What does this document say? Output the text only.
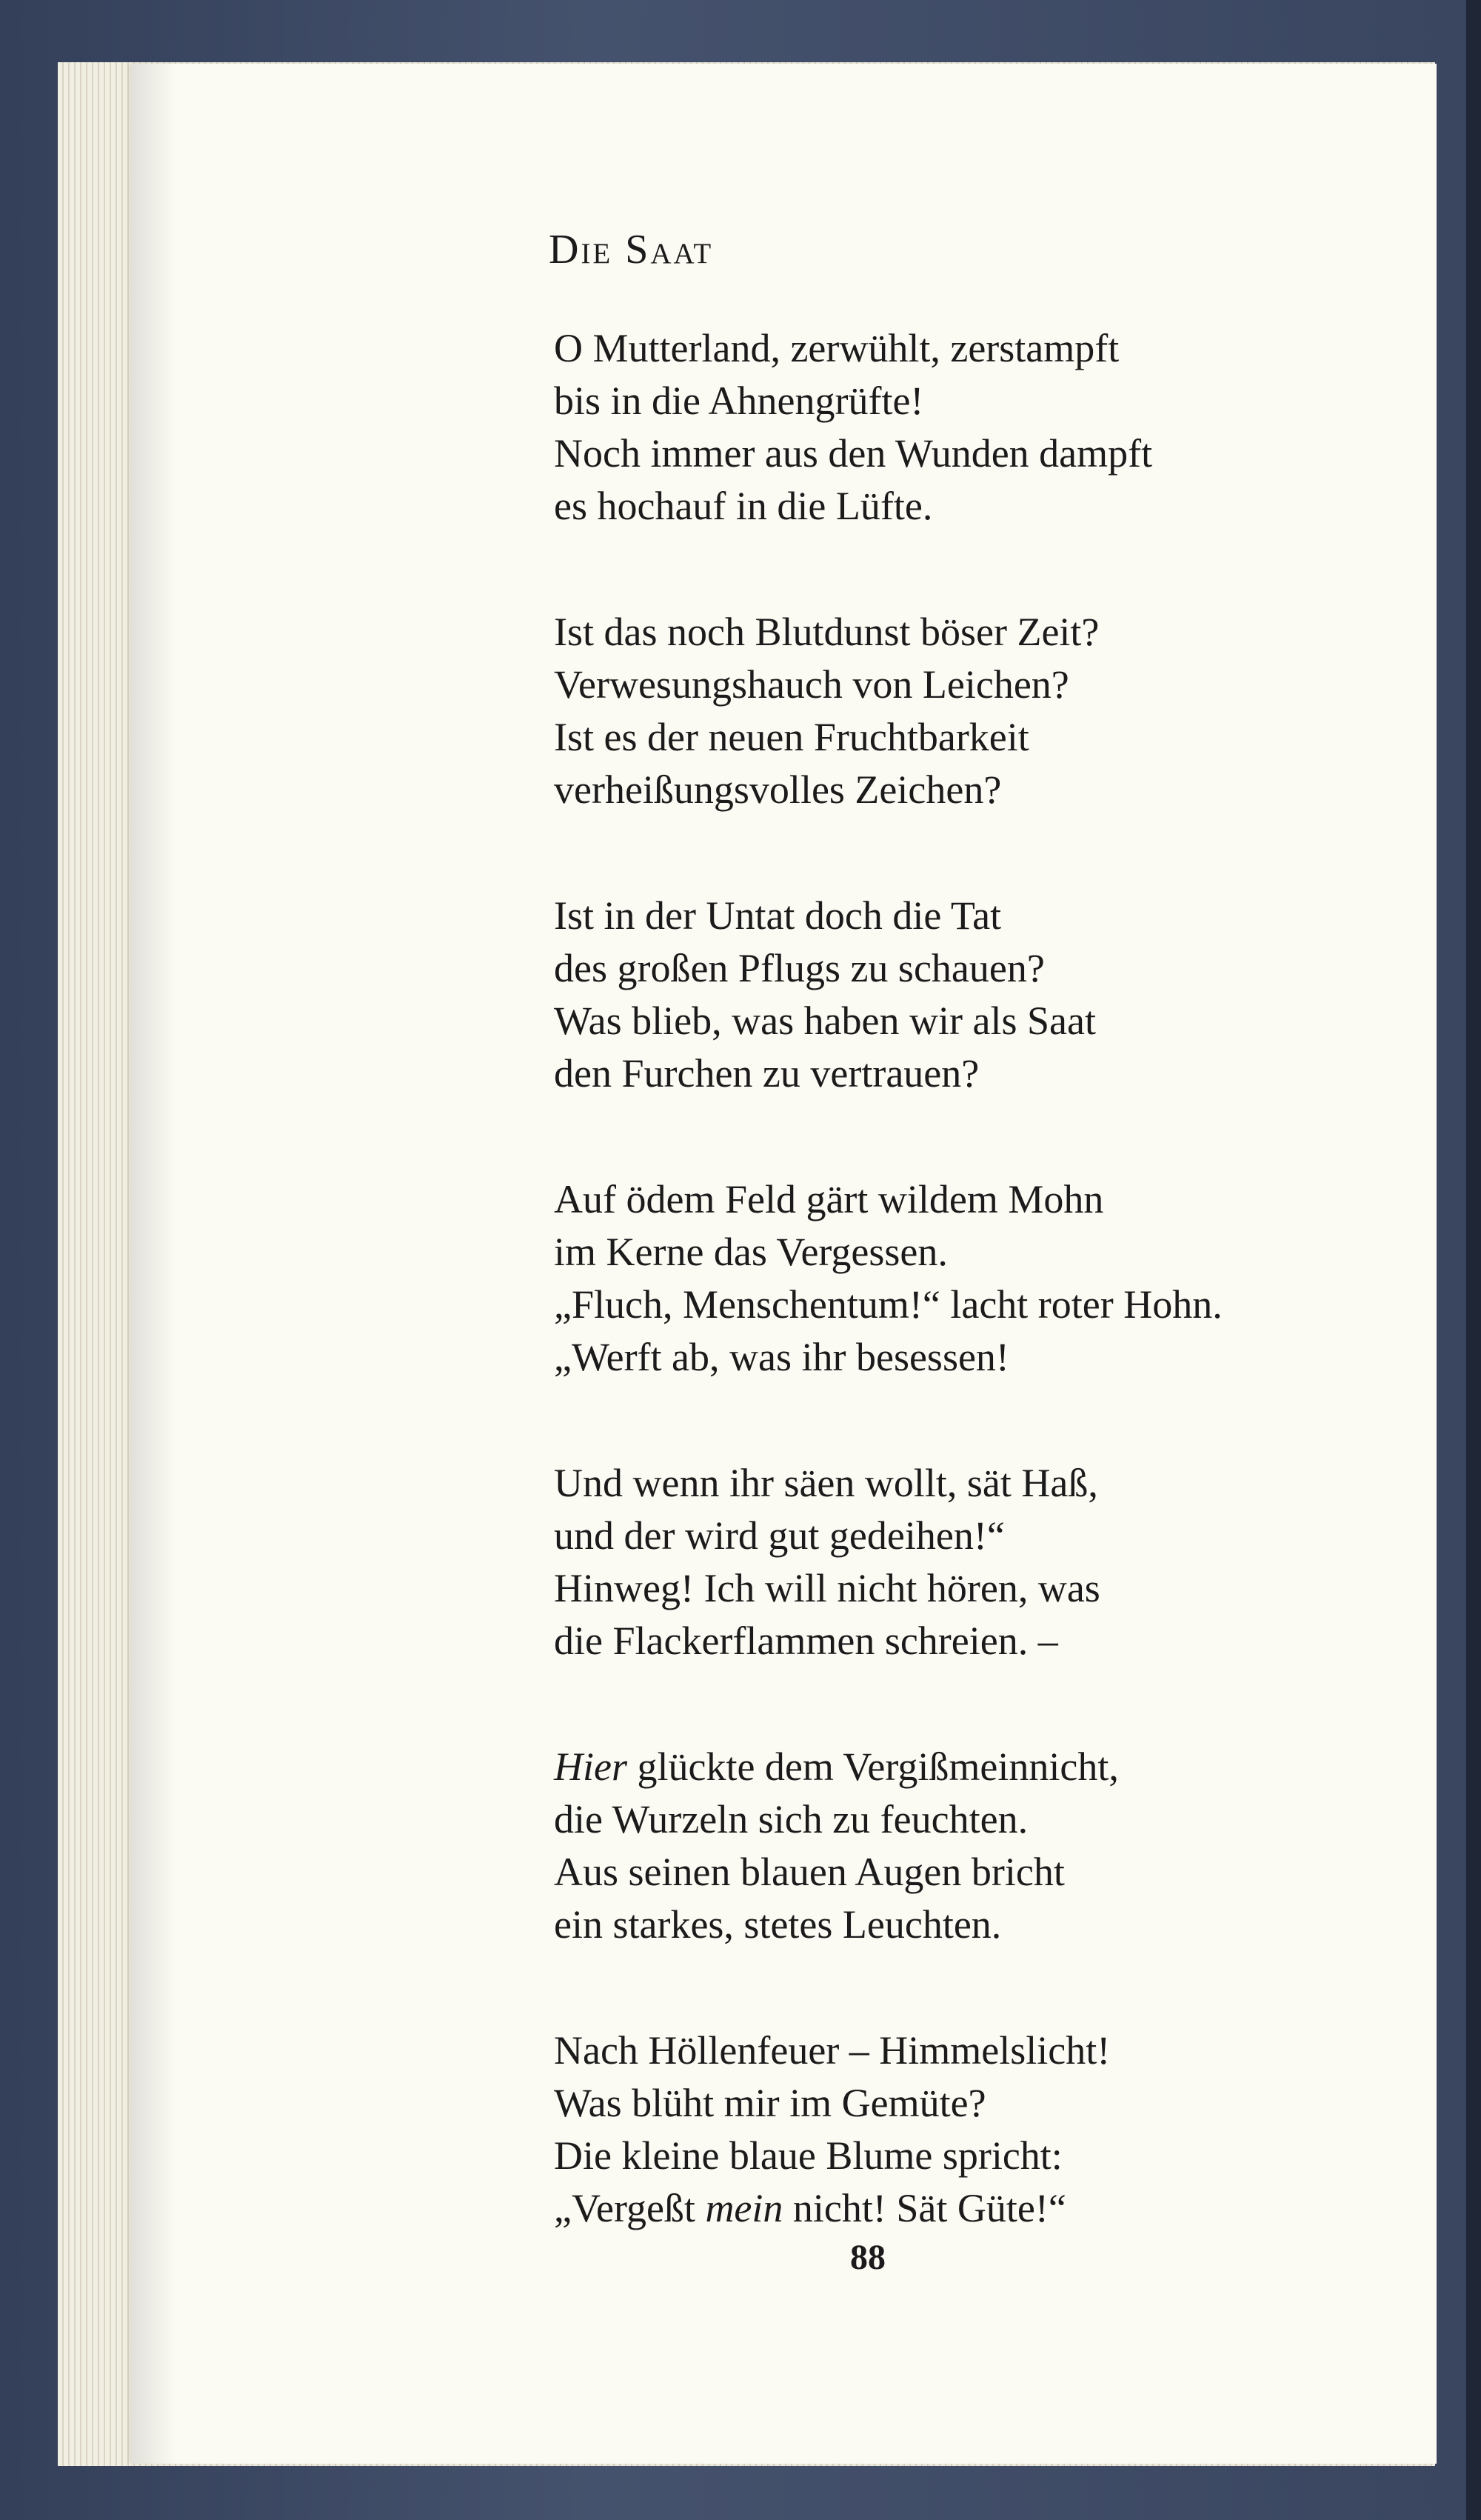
Die Saat

O Mutterland, zerwühlt, zerstampft
bis in die Ahnengrüfte!
Noch immer aus den Wunden dampft
es hochauf in die Lüfte.

Ist das noch Blutdunst böser Zeit?
Verwesungshauch von Leichen?
Ist es der neuen Fruchtbarkeit
verheißungsvolles Zeichen?

Ist in der Untat doch die Tat
des großen Pflugs zu schauen?
Was blieb, was haben wir als Saat
den Furchen zu vertrauen?

Auf ödem Feld gärt wildem Mohn
im Kerne das Vergessen.
„Fluch, Menschentum!“ lacht roter Hohn.
„Werft ab, was ihr besessen!

Und wenn ihr säen wollt, sät Haß,
und der wird gut gedeihen!“
Hinweg! Ich will nicht hören, was
die Flackerflammen schreien. –

Hier glückte dem Vergißmeinnicht,
die Wurzeln sich zu feuchten.
Aus seinen blauen Augen bricht
ein starkes, stetes Leuchten.

Nach Höllenfeuer – Himmelslicht!
Was blüht mir im Gemüte?
Die kleine blaue Blume spricht:
„Vergeßt mein nicht! Sät Güte!“

88
